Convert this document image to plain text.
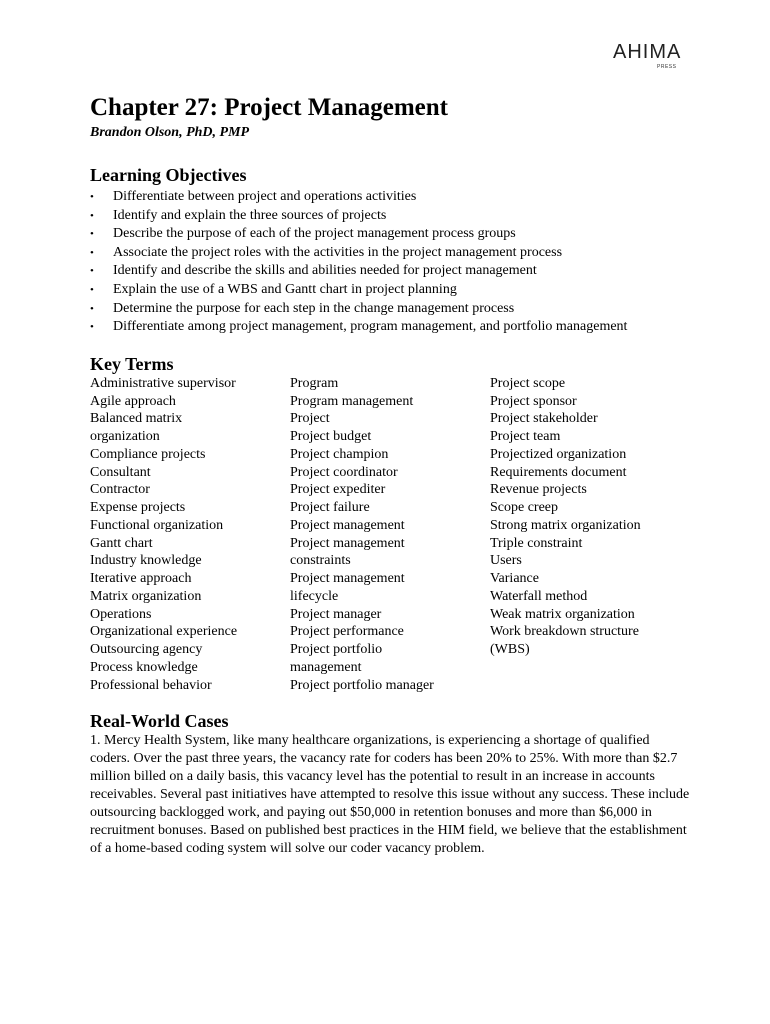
AHIMA
PRESS
Chapter 27: Project Management
Brandon Olson, PhD, PMP
Learning Objectives
• Differentiate between project and operations activities
• Identify and explain the three sources of projects
• Describe the purpose of each of the project management process groups
• Associate the project roles with the activities in the project management process
• Identify and describe the skills and abilities needed for project management
• Explain the use of a WBS and Gantt chart in project planning
• Determine the purpose for each step in the change management process
• Differentiate among project management, program management, and portfolio management
Key Terms
Administrative supervisor
Agile approach
Balanced matrix
organization
Compliance projects
Consultant
Contractor
Expense projects
Functional organization
Gantt chart
Industry knowledge
Iterative approach
Matrix organization
Operations
Organizational experience
Outsourcing agency
Process knowledge
Professional behavior
Program
Program management
Project
Project budget
Project champion
Project coordinator
Project expediter
Project failure
Project management
Project management
constraints
Project management
lifecycle
Project manager
Project performance
Project portfolio
management
Project portfolio manager
Project scope
Project sponsor
Project stakeholder
Project team
Projectized organization
Requirements document
Revenue projects
Scope creep
Strong matrix organization
Triple constraint
Users
Variance
Waterfall method
Weak matrix organization
Work breakdown structure
(WBS)
Real-World Cases

1. Mercy Health System, like many healthcare organizations, is experiencing a shortage of qualified coders. Over the past three years, the vacancy rate for coders has been 20% to 25%. With more than $2.7 million billed on a daily basis, this vacancy level has the potential to result in an increase in accounts receivables. Several past initiatives have attempted to resolve this issue without any success. These include outsourcing backlogged work, and paying out $50,000 in retention bonuses and more than $6,000 in recruitment bonuses. Based on published best practices in the HIM field, we believe that the establishment of a home-based coding system will solve our coder vacancy problem.
